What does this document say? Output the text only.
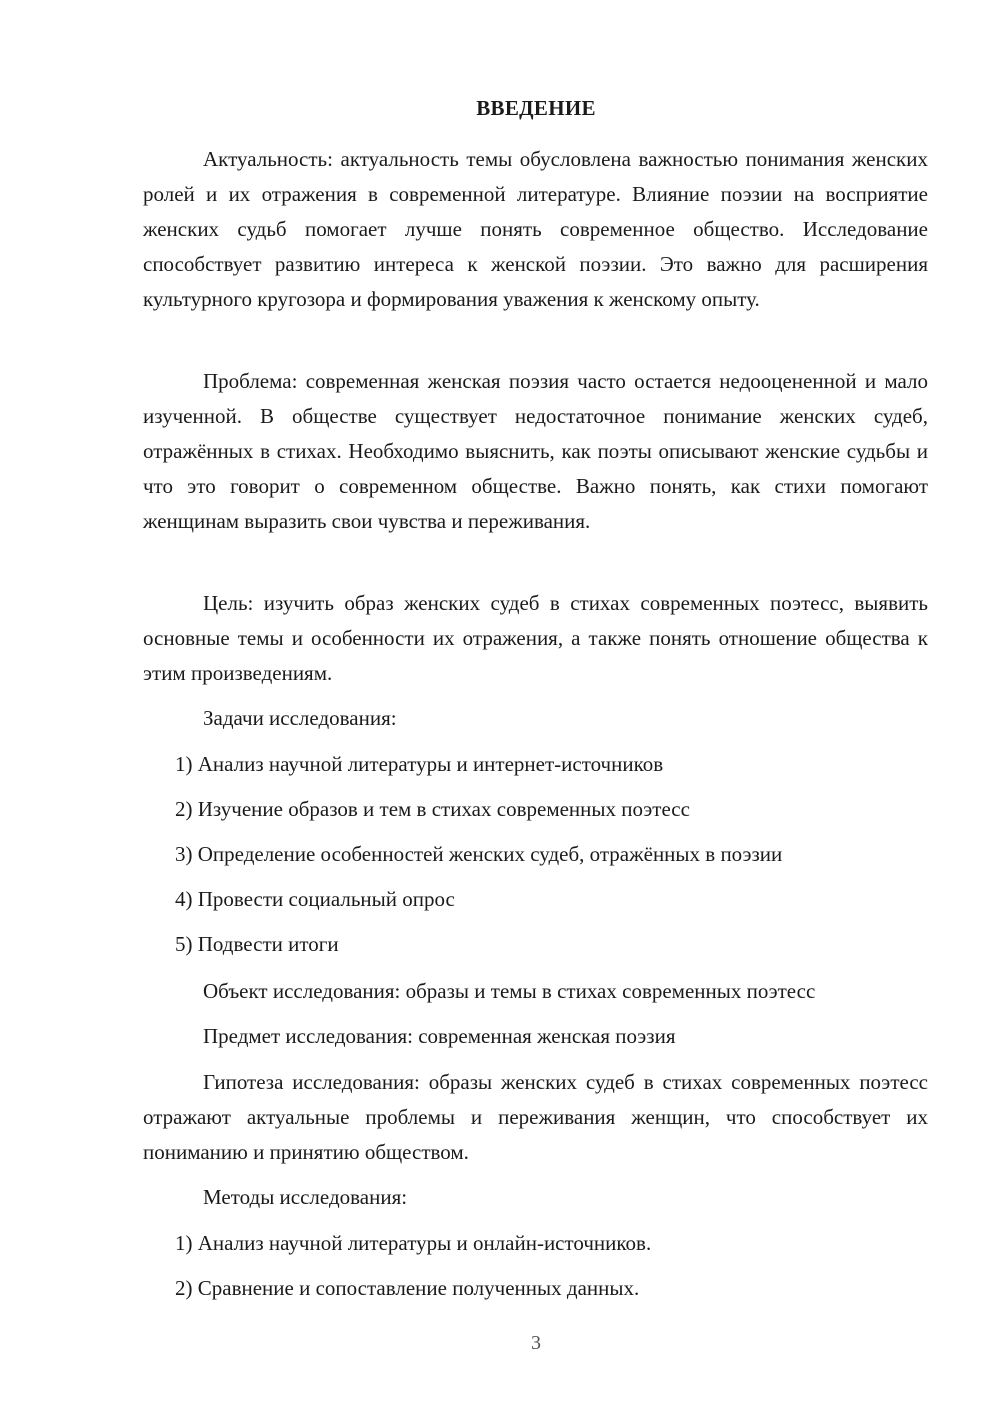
ВВЕДЕНИЕ

Актуальность: актуальность темы обусловлена важностью понимания женских ролей и их отражения в современной литературе. Влияние поэзии на восприятие женских судьб помогает лучше понять современное общество. Исследование способствует развитию интереса к женской поэзии. Это важно для расширения культурного кругозора и формирования уважения к женскому опыту.

Проблема: современная женская поэзия часто остается недооцененной и мало изученной. В обществе существует недостаточное понимание женских судеб, отражённых в стихах. Необходимо выяснить, как поэты описывают женские судьбы и что это говорит о современном обществе. Важно понять, как стихи помогают женщинам выразить свои чувства и переживания.

Цель: изучить образ женских судеб в стихах современных поэтесс, выявить основные темы и особенности их отражения, а также понять отношение общества к этим произведениям.

Задачи исследования:

1) Анализ научной литературы и интернет-источников

2) Изучение образов и тем в стихах современных поэтесс

3) Определение особенностей женских судеб, отражённых в поэзии

4) Провести социальный опрос

5) Подвести итоги

Объект исследования: образы и темы в стихах современных поэтесс

Предмет исследования: современная женская поэзия

Гипотеза исследования: образы женских судеб в стихах современных поэтесс отражают актуальные проблемы и переживания женщин, что способствует их пониманию и принятию обществом.

Методы исследования:

1) Анализ научной литературы и онлайн-источников.

2) Сравнение и сопоставление полученных данных.

3
